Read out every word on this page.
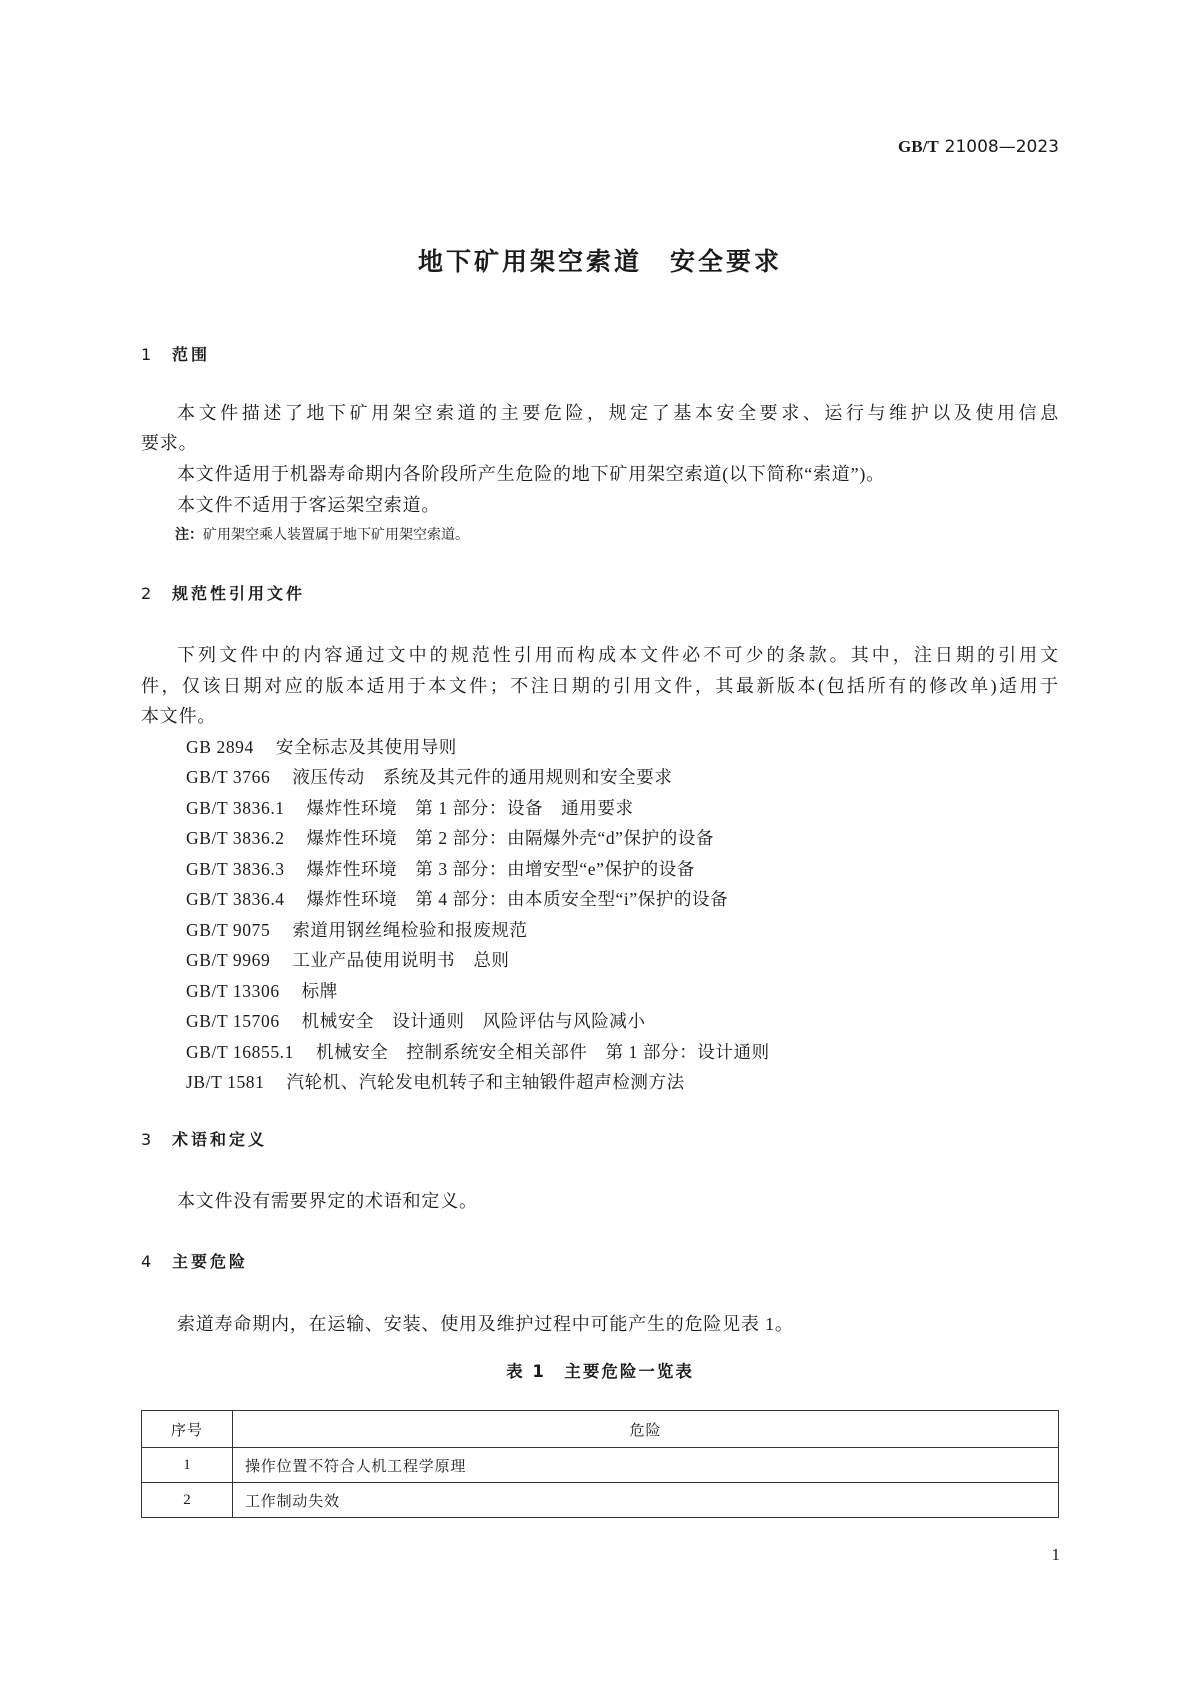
GB/T 21008—2023
地下矿用架空索道　安全要求
1 范围
本文件描述了地下矿用架空索道的主要危险，规定了基本安全要求、运行与维护以及使用信息
要求。
本文件适用于机器寿命期内各阶段所产生危险的地下矿用架空索道(以下简称“索道”)。
本文件不适用于客运架空索道。
注：矿用架空乘人装置属于地下矿用架空索道。
2 规范性引用文件
下列文件中的内容通过文中的规范性引用而构成本文件必不可少的条款。其中，注日期的引用文
件，仅该日期对应的版本适用于本文件；不注日期的引用文件，其最新版本(包括所有的修改单)适用于
本文件。
GB 2894 安全标志及其使用导则
GB/T 3766 液压传动　系统及其元件的通用规则和安全要求
GB/T 3836.1 爆炸性环境　第 1 部分：设备　通用要求
GB/T 3836.2 爆炸性环境　第 2 部分：由隔爆外壳“d”保护的设备
GB/T 3836.3 爆炸性环境　第 3 部分：由增安型“e”保护的设备
GB/T 3836.4 爆炸性环境　第 4 部分：由本质安全型“i”保护的设备
GB/T 9075 索道用钢丝绳检验和报废规范
GB/T 9969 工业产品使用说明书　总则
GB/T 13306 标牌
GB/T 15706 机械安全　设计通则　风险评估与风险减小
GB/T 16855.1 机械安全　控制系统安全相关部件　第 1 部分：设计通则
JB/T 1581 汽轮机、汽轮发电机转子和主轴锻件超声检测方法
3 术语和定义
本文件没有需要界定的术语和定义。
4 主要危险
索道寿命期内，在运输、安装、使用及维护过程中可能产生的危险见表 1。
表 1　主要危险一览表
序号	危险
1	操作位置不符合人机工程学原理
2	工作制动失效
1
